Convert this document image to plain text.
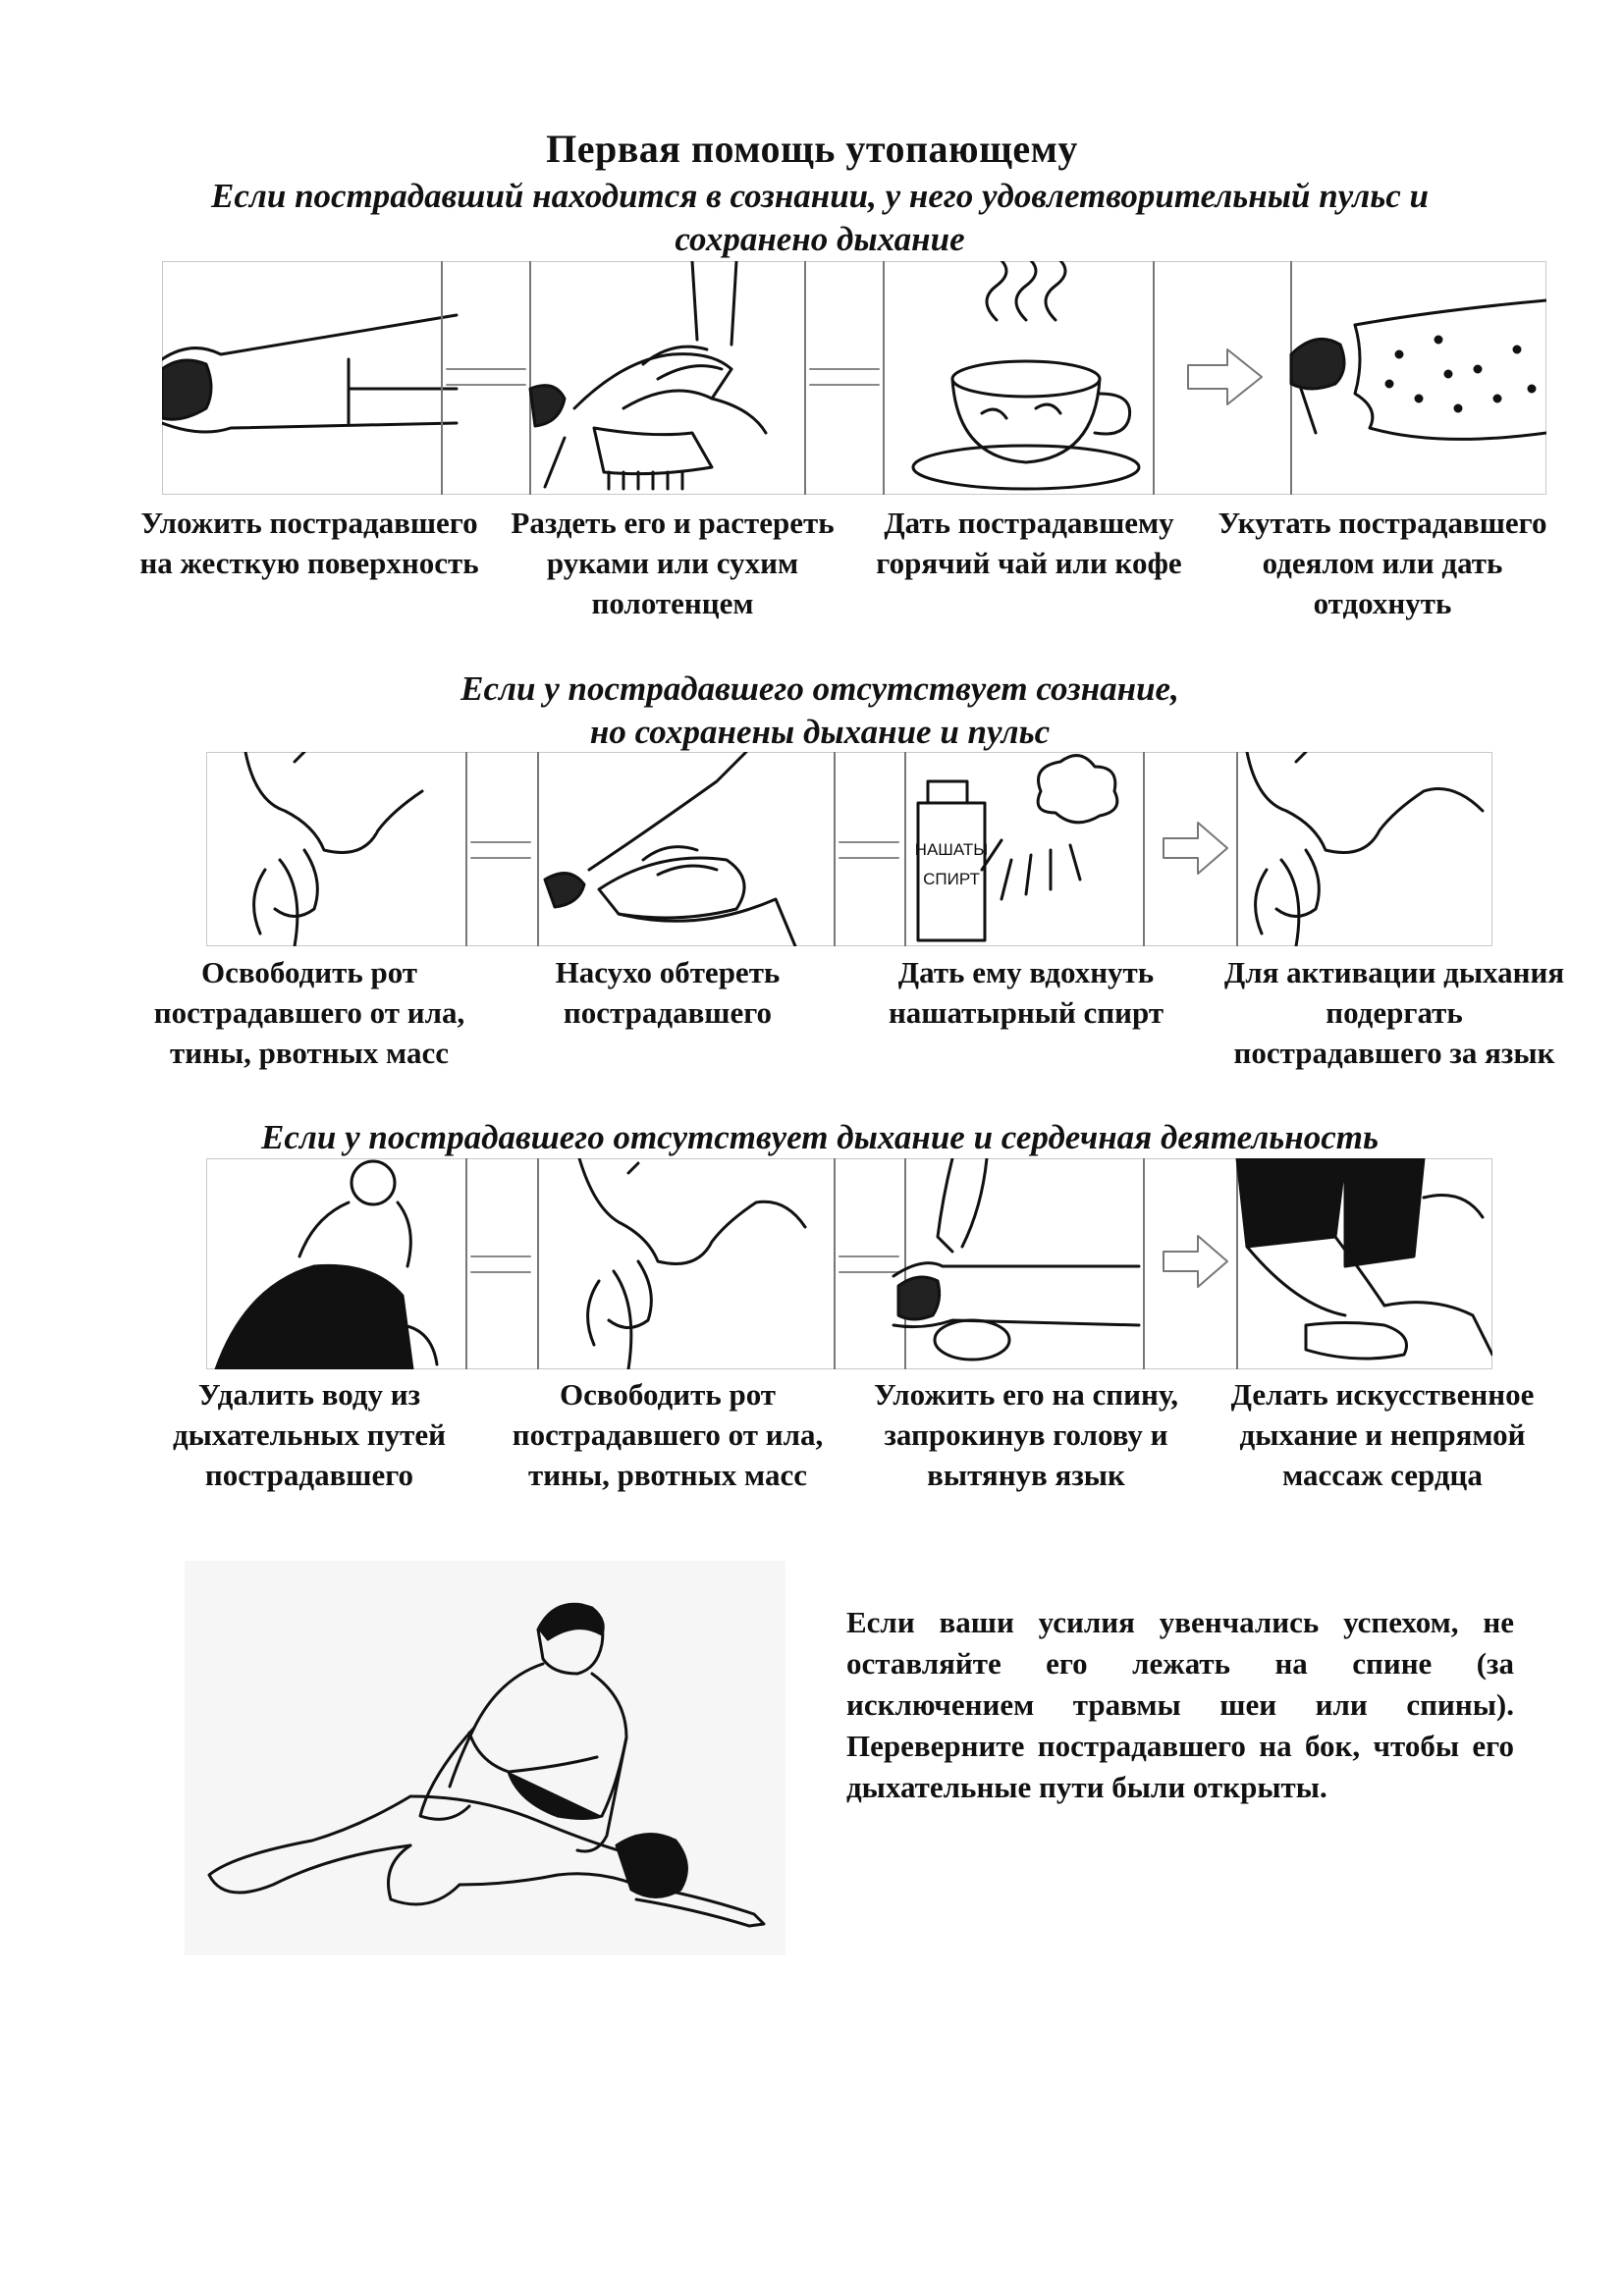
Первая помощь утопающему
Если пострадавший находится в сознании, у него удовлетворительный пульс и
сохранено дыхание
Уложить пострадавшего на жесткую поверхность
Раздеть его и растереть руками или сухим полотенцем
Дать пострадавшему горячий чай или кофе
Укутать пострадавшего одеялом или дать отдохнуть
Если у пострадавшего отсутствует сознание,
но сохранены дыхание и пульс
НАШАТЫ
СПИРТ
Освободить рот пострадавшего от ила, тины, рвотных масс
Насухо обтереть пострадавшего
Дать ему вдохнуть нашатырный спирт
Для активации дыхания подергать пострадавшего за язык
Если у пострадавшего отсутствует дыхание и сердечная деятельность
Удалить воду из дыхательных путей пострадавшего
Освободить рот пострадавшего от ила, тины, рвотных масс
Уложить его на спину, запрокинув голову и вытянув язык
Делать искусственное дыхание и непрямой массаж сердца
Если ваши усилия увенчались успехом, не оставляйте его лежать на спине (за исключением травмы шеи или спины). Переверните пострадавшего на бок, чтобы его дыхательные пути были открыты.
